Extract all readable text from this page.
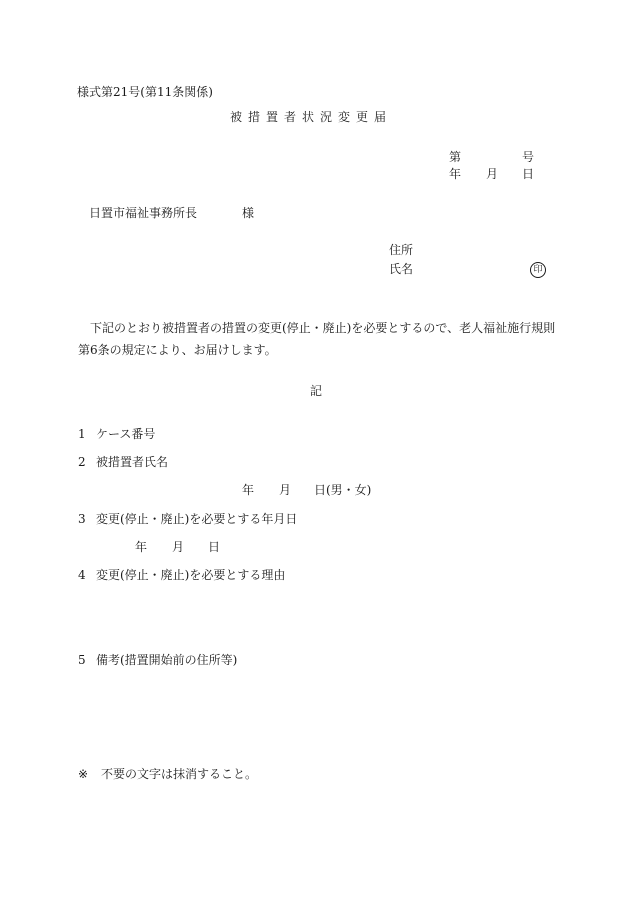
様式第21号(第11条関係)
被措置者状況変更届
第	号
年 月 日
日置市福祉事務所長	様
住所
氏名	印
下記のとおり被措置者の措置の変更(停止・廃止)を必要とするので、老人福祉施行規則第6条の規定により、お届けします。
記
1 ケース番号
2 被措置者氏名
年 月 日(男・女)
3 変更(停止・廃止)を必要とする年月日
年 月 日
4 変更(停止・廃止)を必要とする理由
5 備考(措置開始前の住所等)
※ 不要の文字は抹消すること。
